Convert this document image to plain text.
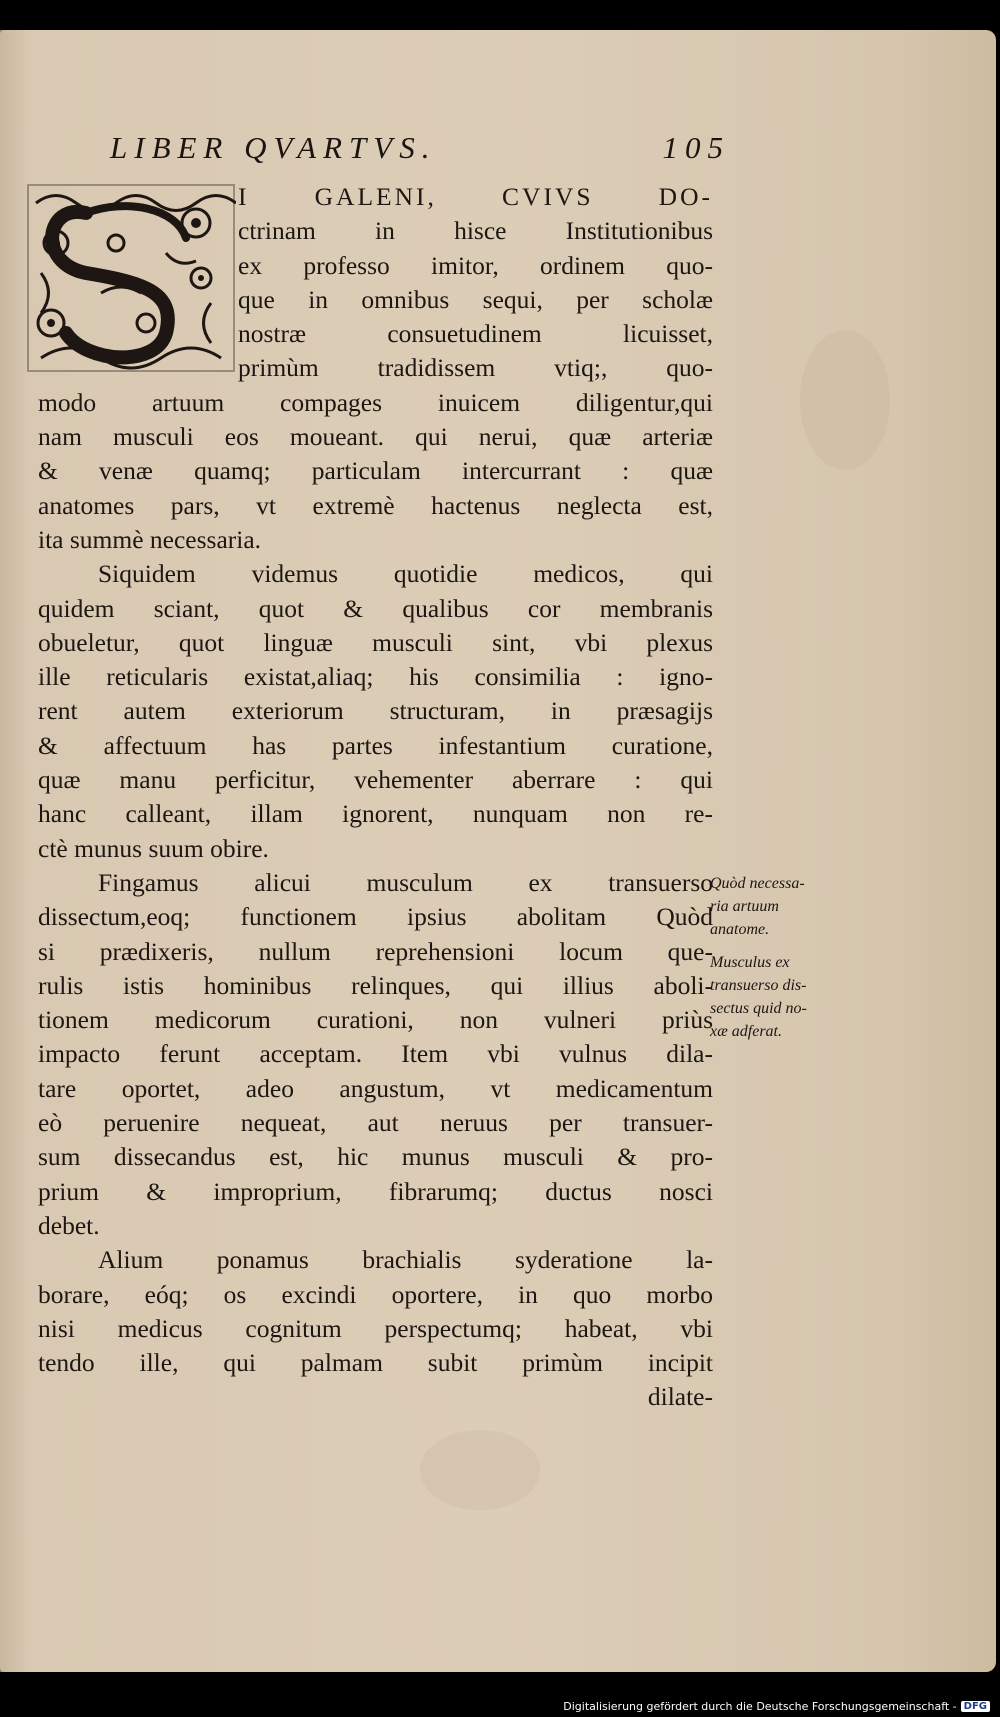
LIBER QVARTVS.	105
I GALENI, CVIVS DO-
ctrinam in hisce Institutionibus
ex professo imitor, ordinem quo-
que in omnibus sequi, per scholæ
nostræ consuetudinem licuisset,
primùm tradidissem vtiq;, quo-
modo artuum compages inuicem diligentur,qui
nam musculi eos moueant. qui nerui, quæ arteriæ
& venæ quamq; particulam intercurrant : quæ
anatomes pars, vt extremè hactenus neglecta est,
ita summè necessaria.
Siquidem videmus quotidie medicos, qui
quidem sciant, quot & qualibus cor membranis
obueletur, quot linguæ musculi sint, vbi plexus
ille reticularis existat,aliaq; his consimilia : igno-
rent autem exteriorum structuram, in præsagijs
& affectuum has partes infestantium curatione,
quæ manu perficitur, vehementer aberrare : qui
hanc calleant, illam ignorent, nunquam non re-
ctè munus suum obire.
Fingamus alicui musculum ex transuerso
dissectum,eoq; functionem ipsius abolitam Quòd
si prædixeris, nullum reprehensioni locum que-
rulis istis hominibus relinques, qui illius aboli-
tionem medicorum curationi, non vulneri priùs
impacto ferunt acceptam. Item vbi vulnus dila-
tare oportet, adeo angustum, vt medicamentum
eò peruenire nequeat, aut neruus per transuer-
sum dissecandus est, hic munus musculi & pro-
prium & improprium, fibrarumq; ductus nosci
debet.
Alium ponamus brachialis syderatione la-
borare, eóq; os excindi oportere, in quo morbo
nisi medicus cognitum perspectumq; habeat, vbi
tendo ille, qui palmam subit primùm incipit
dilate-
Quòd necessa-
ria artuum
anatome.
Musculus ex
transuerso dis-
sectus quid no-
xæ adferat.
Digitalisierung gefördert durch die Deutsche Forschungsgemeinschaft - DFG
